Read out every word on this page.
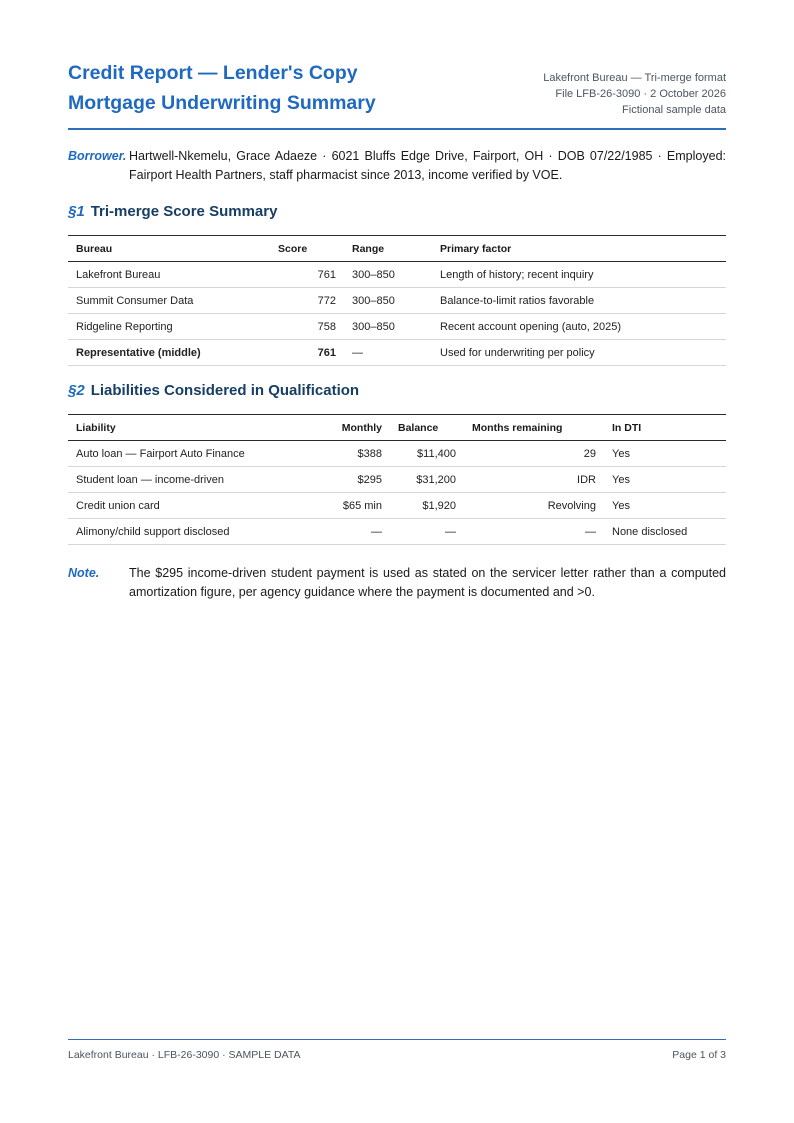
Credit Report — Lender's Copy
Mortgage Underwriting Summary
Lakefront Bureau — Tri-merge format
File LFB-26-3090 · 2 October 2026
Fictional sample data
Borrower. Hartwell-Nkemelu, Grace Adaeze · 6021 Bluffs Edge Drive, Fairport, OH · DOB 07/22/1985 · Employed: Fairport Health Partners, staff pharmacist since 2013, income verified by VOE.
§1 Tri-merge Score Summary
Bureau	Score	Range	Primary factor
Lakefront Bureau	761	300–850	Length of history; recent inquiry
Summit Consumer Data	772	300–850	Balance-to-limit ratios favorable
Ridgeline Reporting	758	300–850	Recent account opening (auto, 2025)
Representative (middle)	761	—	Used for underwriting per policy
§2 Liabilities Considered in Qualification
Liability	Monthly	Balance	Months remaining	In DTI
Auto loan — Fairport Auto Finance	$388	$11,400	29	Yes
Student loan — income-driven	$295	$31,200	IDR	Yes
Credit union card	$65 min	$1,920	Revolving	Yes
Alimony/child support disclosed	—	—	—	None disclosed
Note. The $295 income-driven student payment is used as stated on the servicer letter rather than a computed amortization figure, per agency guidance where the payment is documented and >0.
Lakefront Bureau · LFB-26-3090 · SAMPLE DATA	Page 1 of 3
